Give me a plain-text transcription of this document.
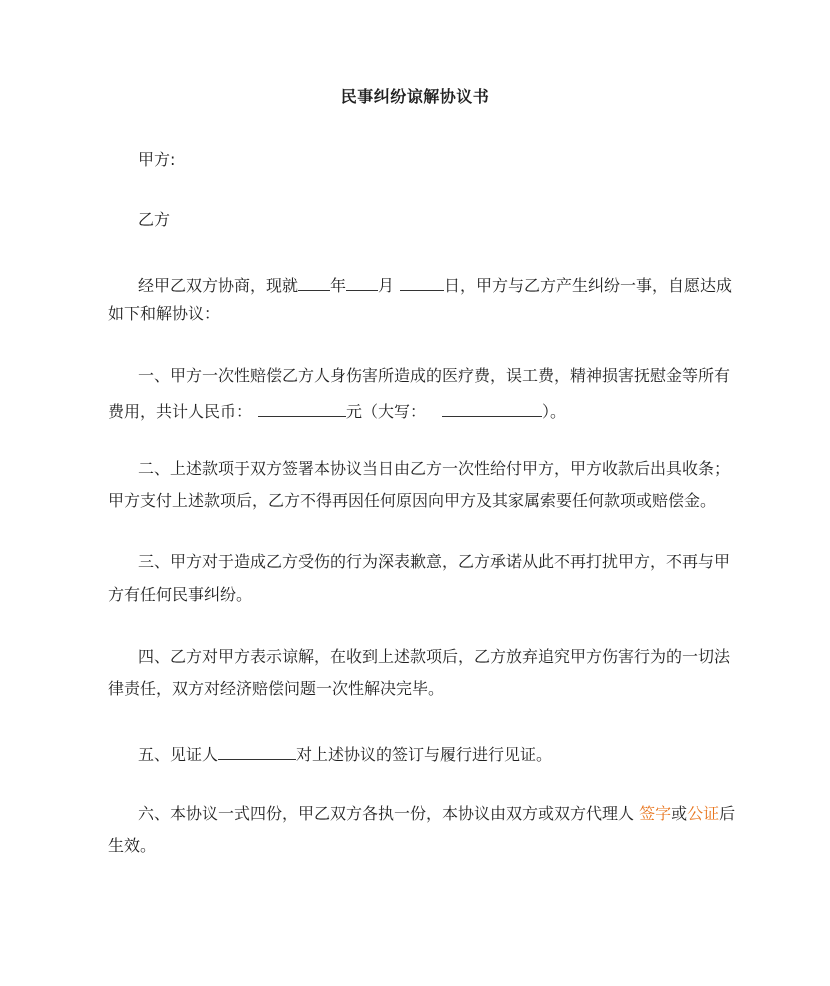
民事纠纷谅解协议书
甲方:
乙方
经甲乙双方协商，现就 年 月	日，甲方与乙方产生纠纷一事，自愿达成
如下和解协议：
一、甲方一次性赔偿乙方人身伤害所造成的医疗费，误工费，精神损害抚慰金等所有
费用，共计人民币：	元（大写：	）。
二、上述款项于双方签署本协议当日由乙方一次性给付甲方，甲方收款后出具收条；
甲方支付上述款项后，乙方不得再因任何原因向甲方及其家属索要任何款项或赔偿金。
三、甲方对于造成乙方受伤的行为深表歉意，乙方承诺从此不再打扰甲方，不再与甲
方有任何民事纠纷。
四、乙方对甲方表示谅解，在收到上述款项后，乙方放弃追究甲方伤害行为的一切法
律责任，双方对经济赔偿问题一次性解决完毕。
五、见证人	对上述协议的签订与履行进行见证。
六、本协议一式四份，甲乙双方各执一份，本协议由双方或双方代理人 签字或公证后
生效。
